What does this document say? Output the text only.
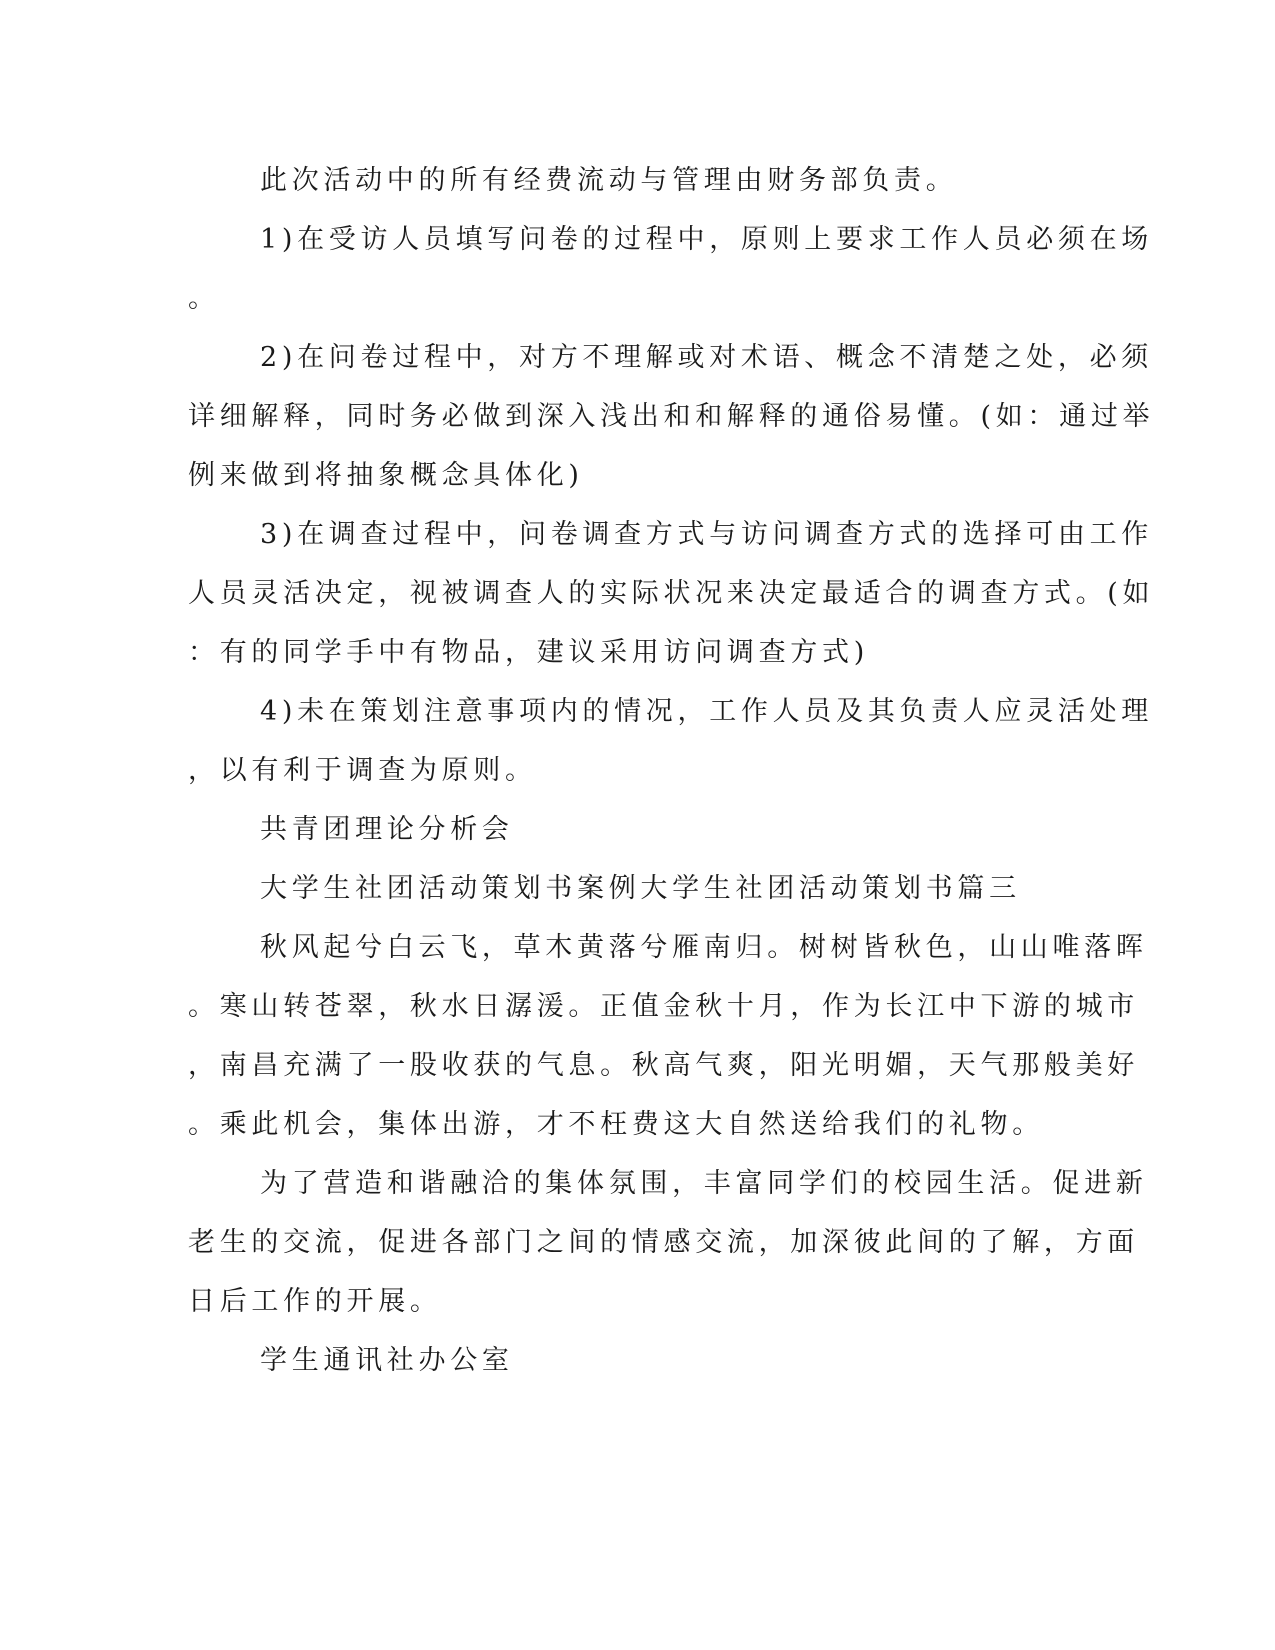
此次活动中的所有经费流动与管理由财务部负责。
1)在受访人员填写问卷的过程中，原则上要求工作人员必须在场
。
2)在问卷过程中，对方不理解或对术语、概念不清楚之处，必须
详细解释，同时务必做到深入浅出和和解释的通俗易懂。(如：通过举
例来做到将抽象概念具体化)
3)在调查过程中，问卷调查方式与访问调查方式的选择可由工作
人员灵活决定，视被调查人的实际状况来决定最适合的调查方式。(如
：有的同学手中有物品，建议采用访问调查方式)
4)未在策划注意事项内的情况，工作人员及其负责人应灵活处理
，以有利于调查为原则。
共青团理论分析会
大学生社团活动策划书案例大学生社团活动策划书篇三
秋风起兮白云飞，草木黄落兮雁南归。树树皆秋色，山山唯落晖
。寒山转苍翠，秋水日潺湲。正值金秋十月，作为长江中下游的城市
，南昌充满了一股收获的气息。秋高气爽，阳光明媚，天气那般美好
。乘此机会，集体出游，才不枉费这大自然送给我们的礼物。
为了营造和谐融洽的集体氛围，丰富同学们的校园生活。促进新
老生的交流，促进各部门之间的情感交流，加深彼此间的了解，方面
日后工作的开展。
学生通讯社办公室
